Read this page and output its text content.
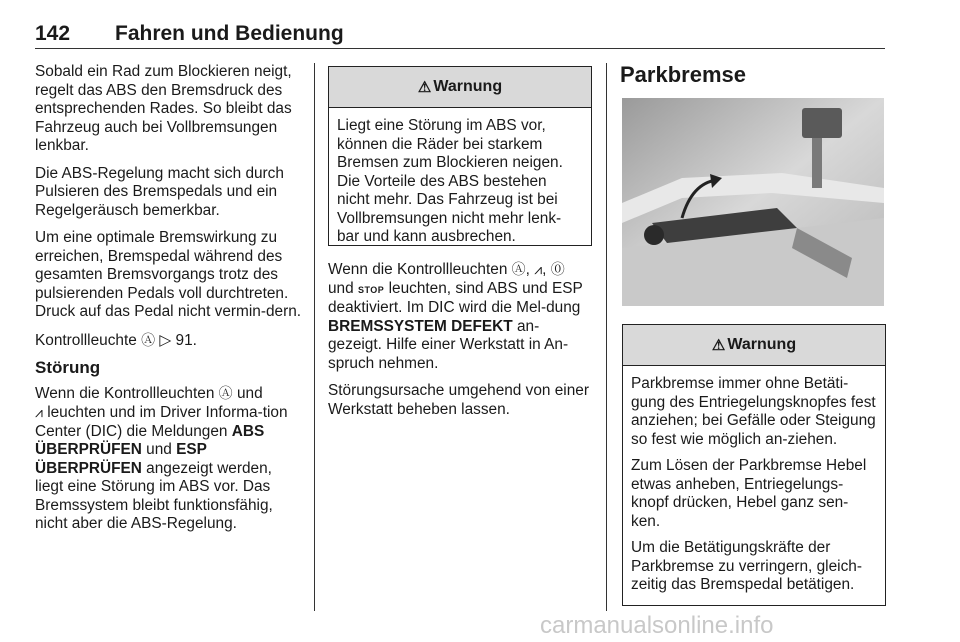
142 Fahren und Bedienung

Sobald ein Rad zum Blockieren neigt, regelt das ABS den Bremsdruck des entsprechenden Rades. So bleibt das Fahrzeug auch bei Vollbremsungen lenkbar.

Die ABS-Regelung macht sich durch Pulsieren des Bremspedals und ein Regelgeräusch bemerkbar.

Um eine optimale Bremswirkung zu erreichen, Bremspedal während des gesamten Bremsvorgangs trotz des pulsierenden Pedals voll durchtreten. Druck auf das Pedal nicht vermin-dern.

Kontrollleuchte Ⓐ ▷ 91.

Störung

Wenn die Kontrollleuchten Ⓐ und
⩘ leuchten und im Driver Informa-tion Center (DIC) die Meldungen ABS ÜBERPRÜFEN und ESP ÜBERPRÜFEN angezeigt werden, liegt eine Störung im ABS vor. Das Bremssystem bleibt funktionsfähig, nicht aber die ABS-Regelung.

⚠ Warnung

Liegt eine Störung im ABS vor, können die Räder bei starkem Bremsen zum Blockieren neigen. Die Vorteile des ABS bestehen nicht mehr. Das Fahrzeug ist bei Vollbremsungen nicht mehr lenk-bar und kann ausbrechen.

Wenn die Kontrollleuchten Ⓐ, ⩘, ⓪ und STOP leuchten, sind ABS und ESP deaktiviert. Im DIC wird die Mel-dung BREMSSYSTEM DEFEKT an-gezeigt. Hilfe einer Werkstatt in An-spruch nehmen.

Störungsursache umgehend von einer Werkstatt beheben lassen.

Parkbremse
⚠ Warnung

Parkbremse immer ohne Betäti-gung des Entriegelungsknopfes fest anziehen; bei Gefälle oder Steigung so fest wie möglich an-ziehen.

Zum Lösen der Parkbremse Hebel etwas anheben, Entriegelungs-knopf drücken, Hebel ganz sen-ken.

Um die Betätigungskräfte der Parkbremse zu verringern, gleich-zeitig das Bremspedal betätigen.

carmanualsonline.info
